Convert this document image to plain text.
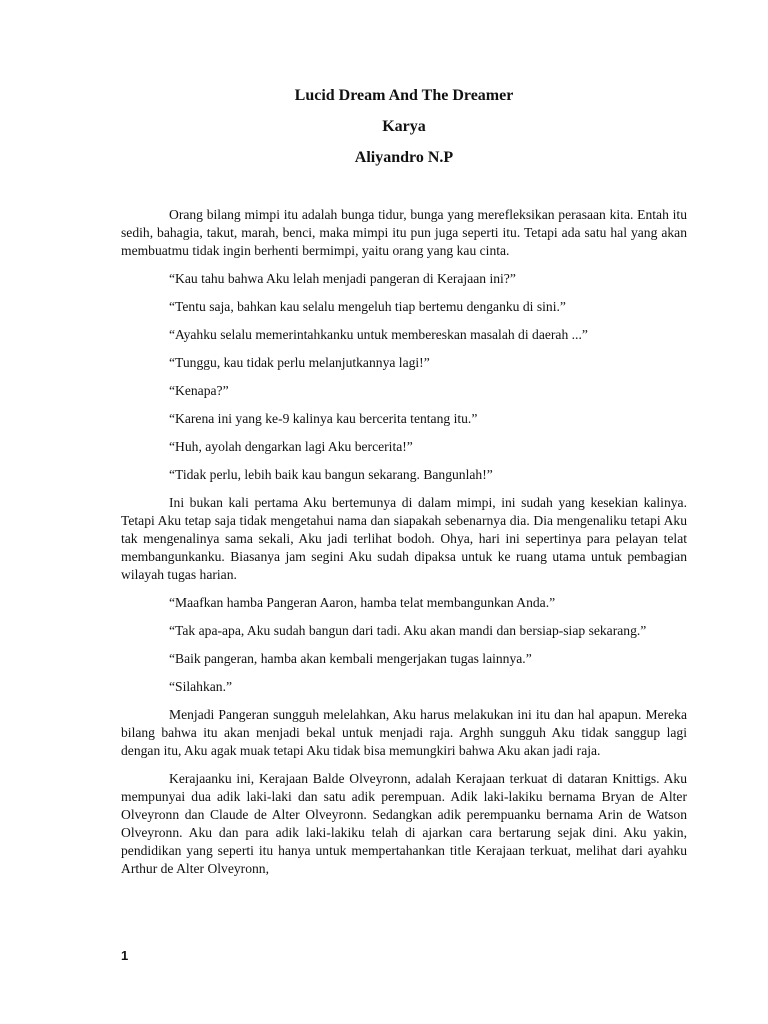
Lucid Dream And The Dreamer
Karya
Aliyandro N.P

Orang bilang mimpi itu adalah bunga tidur, bunga yang merefleksikan perasaan kita. Entah itu sedih, bahagia, takut, marah, benci, maka mimpi itu pun juga seperti itu. Tetapi ada satu hal yang akan membuatmu tidak ingin berhenti bermimpi, yaitu orang yang kau cinta.

“Kau tahu bahwa Aku lelah menjadi pangeran di Kerajaan ini?”

“Tentu saja, bahkan kau selalu mengeluh tiap bertemu denganku di sini.”

“Ayahku selalu memerintahkanku untuk membereskan masalah di daerah ...”

“Tunggu, kau tidak perlu melanjutkannya lagi!”

“Kenapa?”

“Karena ini yang ke-9 kalinya kau bercerita tentang itu.”

“Huh, ayolah dengarkan lagi Aku bercerita!”

“Tidak perlu, lebih baik kau bangun sekarang. Bangunlah!”

Ini bukan kali pertama Aku bertemunya di dalam mimpi, ini sudah yang kesekian kalinya. Tetapi Aku tetap saja tidak mengetahui nama dan siapakah sebenarnya dia. Dia mengenaliku tetapi Aku tak mengenalinya sama sekali, Aku jadi terlihat bodoh. Ohya, hari ini sepertinya para pelayan telat membangunkanku. Biasanya jam segini Aku sudah dipaksa untuk ke ruang utama untuk pembagian wilayah tugas harian.

“Maafkan hamba Pangeran Aaron, hamba telat membangunkan Anda.”

“Tak apa-apa, Aku sudah bangun dari tadi. Aku akan mandi dan bersiap-siap sekarang.”

“Baik pangeran, hamba akan kembali mengerjakan tugas lainnya.”

“Silahkan.”

Menjadi Pangeran sungguh melelahkan, Aku harus melakukan ini itu dan hal apapun. Mereka bilang bahwa itu akan menjadi bekal untuk menjadi raja. Arghh sungguh Aku tidak sanggup lagi dengan itu, Aku agak muak tetapi Aku tidak bisa memungkiri bahwa Aku akan jadi raja.

Kerajaanku ini, Kerajaan Balde Olveyronn, adalah Kerajaan terkuat di dataran Knittigs. Aku mempunyai dua adik laki-laki dan satu adik perempuan. Adik laki-lakiku bernama Bryan de Alter Olveyronn dan Claude de Alter Olveyronn. Sedangkan adik perempuanku bernama Arin de Watson Olveyronn. Aku dan para adik laki-lakiku telah di ajarkan cara bertarung sejak dini. Aku yakin, pendidikan yang seperti itu hanya untuk mempertahankan title Kerajaan terkuat, melihat dari ayahku Arthur de Alter Olveyronn,

1
